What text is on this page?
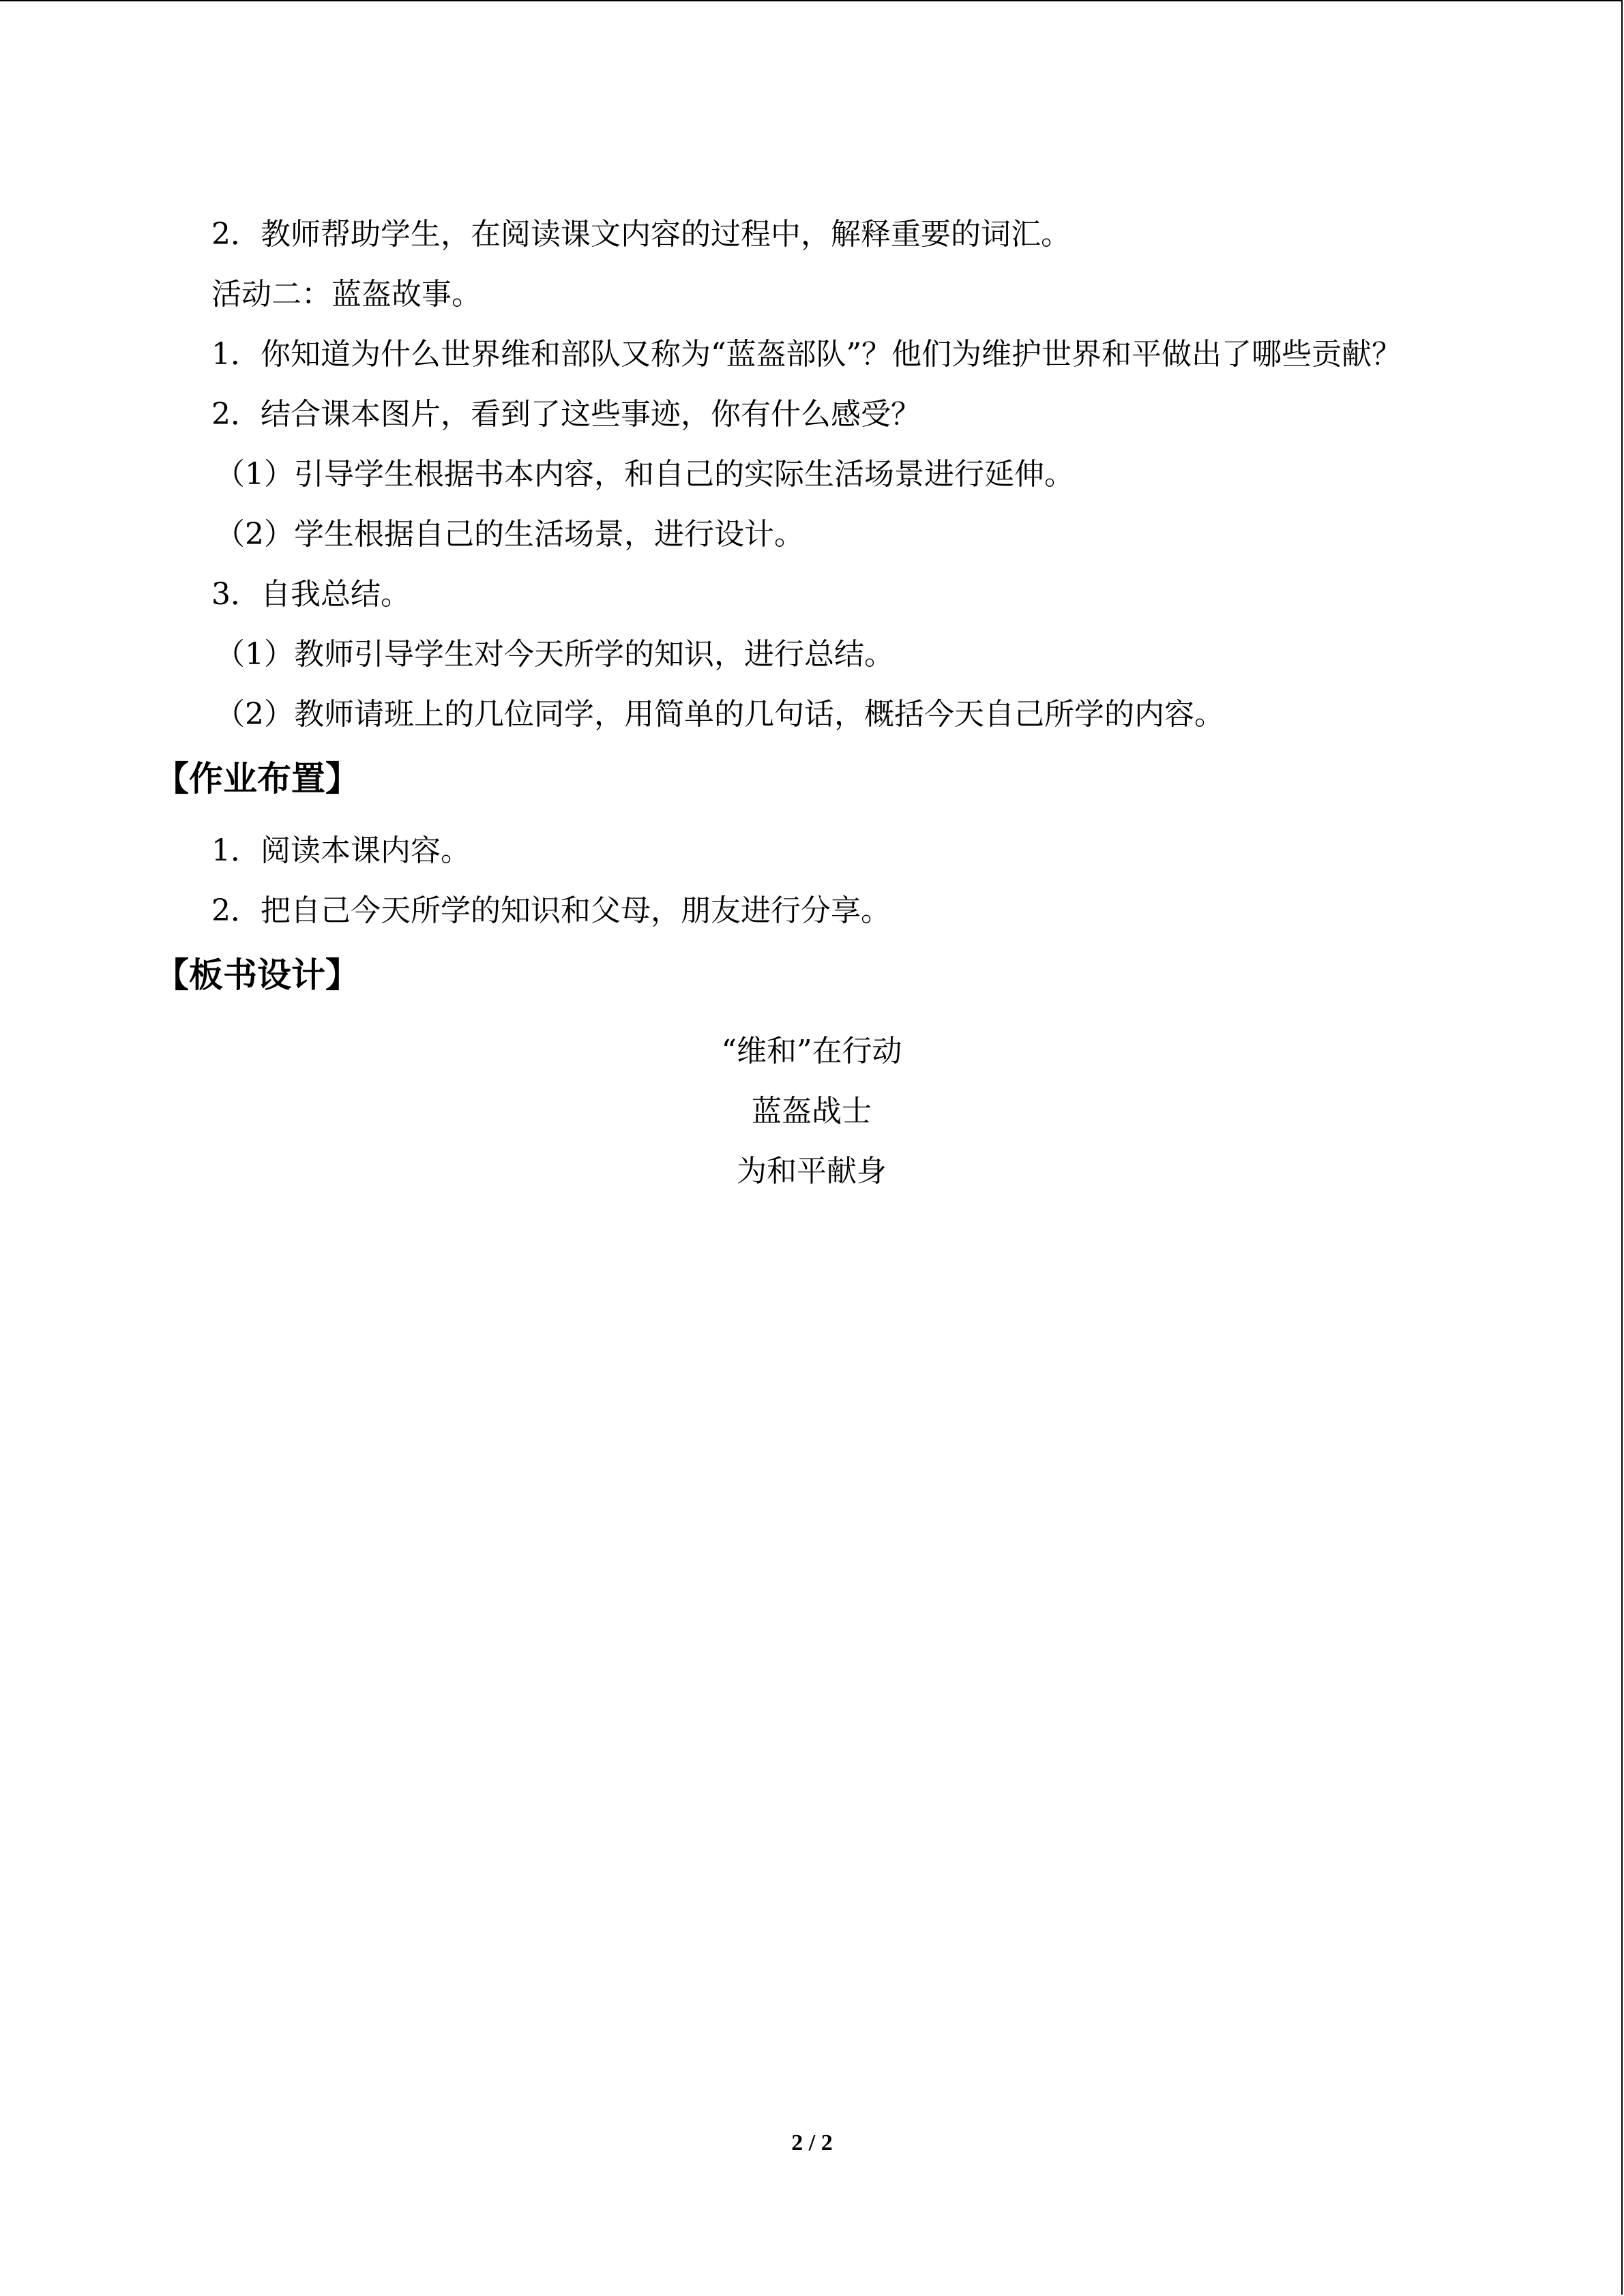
2．教师帮助学生，在阅读课文内容的过程中，解释重要的词汇。
活动二：蓝盔故事。
1．你知道为什么世界维和部队又称为“蓝盔部队”？他们为维护世界和平做出了哪些贡献？
2．结合课本图片，看到了这些事迹，你有什么感受？
（1）引导学生根据书本内容，和自己的实际生活场景进行延伸。
（2）学生根据自己的生活场景，进行设计。
3．自我总结。
（1）教师引导学生对今天所学的知识，进行总结。
（2）教师请班上的几位同学，用简单的几句话，概括今天自己所学的内容。
【作业布置】
1．阅读本课内容。
2．把自己今天所学的知识和父母，朋友进行分享。
【板书设计】
“维和”在行动
蓝盔战士
为和平献身
2 / 2
